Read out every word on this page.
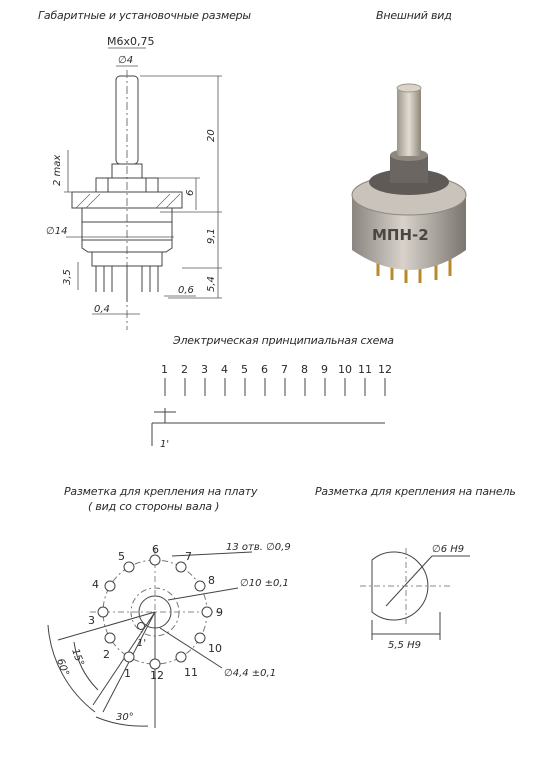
Габаритные и установочные размеры	Внешний вид
Электрическая принципиальная схема
Разметка для крепления на плату
( вид со стороны вала )
Разметка для крепления на панель
М6х0,75
∅4
20
2 max
6
∅14	9,1
3,5
0,6 5,4
0,4
МПН-2
1 2 3 4 5 6 7 8 9 10 11 12
1'
6
7
8
9
10
11
12
5
4
3
2
1
1'
13 отв. ∅0,9
∅10 ±0,1
∅4,4 ±0,1
15°
60°
30°
∅6 H9
5,5 H9
